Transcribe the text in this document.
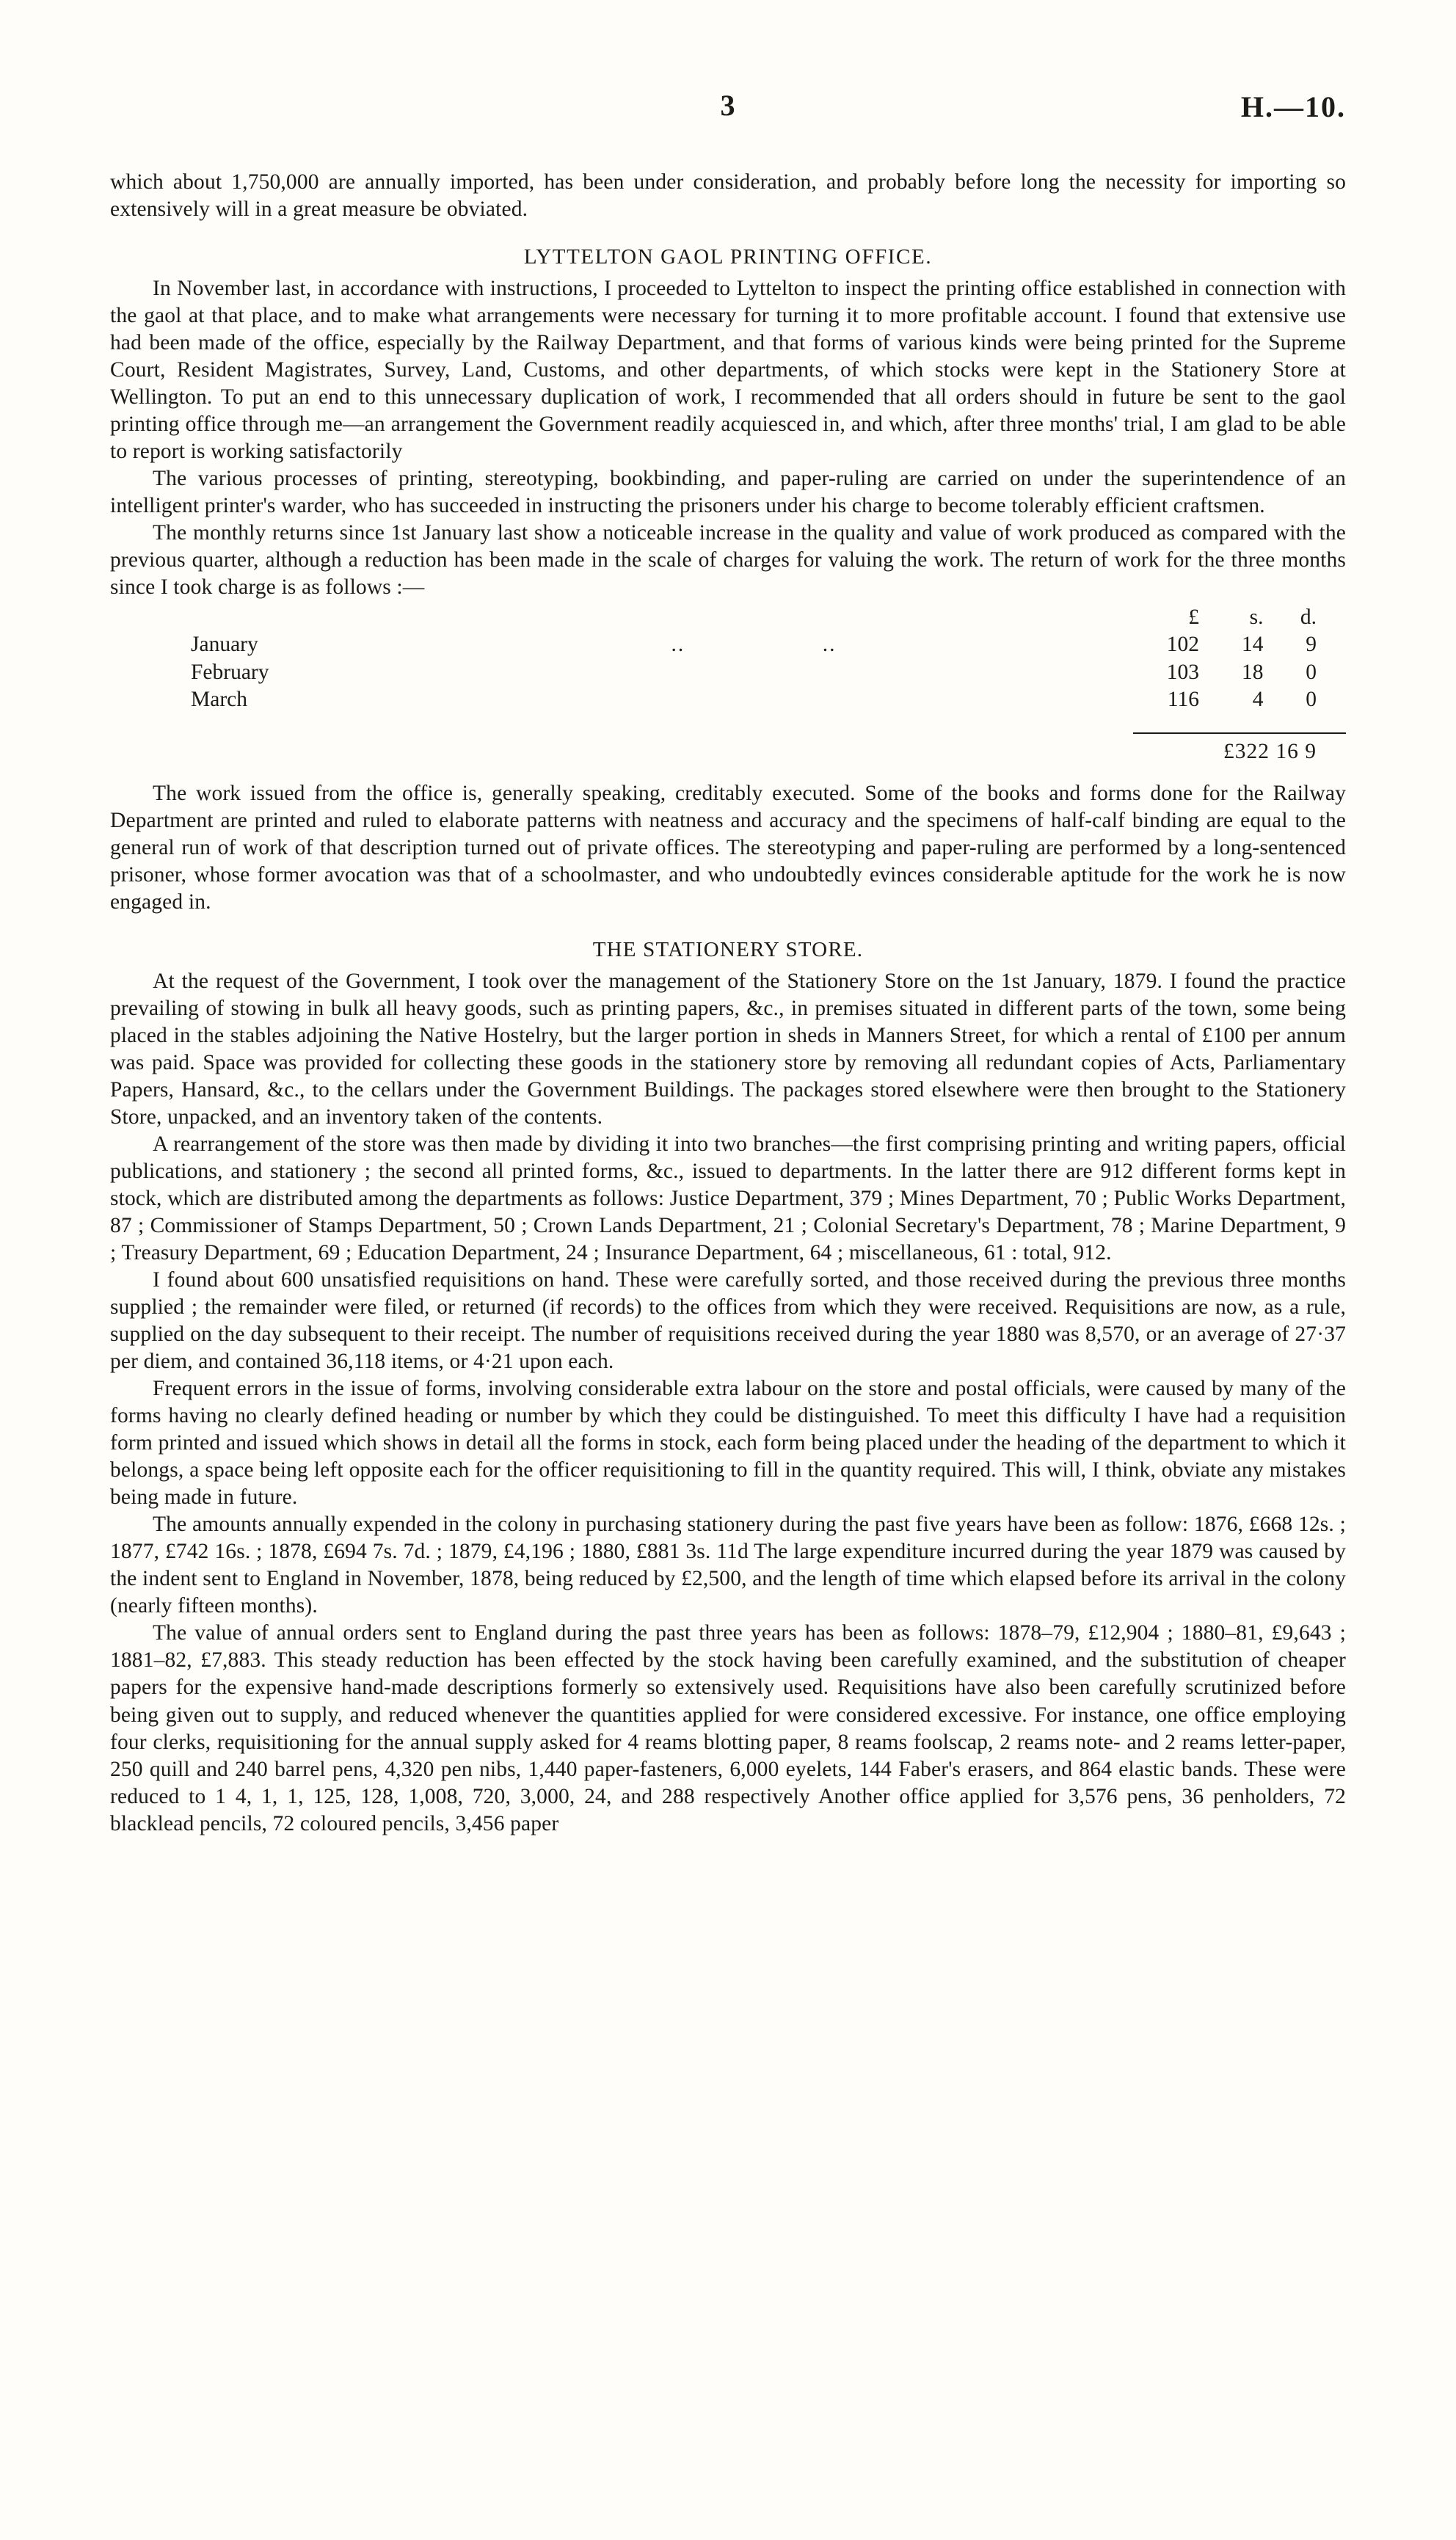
3	H.—10.

which about 1,750,000 are annually imported, has been under consideration, and probably before long the necessity for importing so extensively will in a great measure be obviated.

LYTTELTON GAOL PRINTING OFFICE.

In November last, in accordance with instructions, I proceeded to Lyttelton to inspect the printing office established in connection with the gaol at that place, and to make what arrangements were necessary for turning it to more profitable account. I found that extensive use had been made of the office, especially by the Railway Department, and that forms of various kinds were being printed for the Supreme Court, Resident Magistrates, Survey, Land, Customs, and other departments, of which stocks were kept in the Stationery Store at Wellington. To put an end to this unnecessary duplication of work, I recommended that all orders should in future be sent to the gaol printing office through me—an arrangement the Government readily acquiesced in, and which, after three months' trial, I am glad to be able to report is working satisfactorily

The various processes of printing, stereotyping, bookbinding, and paper-ruling are carried on under the superintendence of an intelligent printer's warder, who has succeeded in instructing the prisoners under his charge to become tolerably efficient craftsmen.

The monthly returns since 1st January last show a noticeable increase in the quality and value of work produced as compared with the previous quarter, although a reduction has been made in the scale of charges for valuing the work. The return of work for the three months since I took charge is as follows :—

£	s.	d.
January	..                    ..	102	14	9
February	103	18	0
March	116	4	0
£322 16 9

The work issued from the office is, generally speaking, creditably executed. Some of the books and forms done for the Railway Department are printed and ruled to elaborate patterns with neatness and accuracy and the specimens of half-calf binding are equal to the general run of work of that description turned out of private offices. The stereotyping and paper-ruling are performed by a long-sentenced prisoner, whose former avocation was that of a schoolmaster, and who undoubtedly evinces considerable aptitude for the work he is now engaged in.

THE STATIONERY STORE.

At the request of the Government, I took over the management of the Stationery Store on the 1st January, 1879. I found the practice prevailing of stowing in bulk all heavy goods, such as printing papers, &c., in premises situated in different parts of the town, some being placed in the stables adjoining the Native Hostelry, but the larger portion in sheds in Manners Street, for which a rental of £100 per annum was paid. Space was provided for collecting these goods in the stationery store by removing all redundant copies of Acts, Parliamentary Papers, Hansard, &c., to the cellars under the Government Buildings. The packages stored elsewhere were then brought to the Stationery Store, unpacked, and an inventory taken of the contents.

A rearrangement of the store was then made by dividing it into two branches—the first comprising printing and writing papers, official publications, and stationery ; the second all printed forms, &c., issued to departments. In the latter there are 912 different forms kept in stock, which are distributed among the departments as follows: Justice Department, 379 ; Mines Department, 70 ; Public Works Department, 87 ; Commissioner of Stamps Department, 50 ; Crown Lands Department, 21 ; Colonial Secretary's Department, 78 ; Marine Department, 9 ; Treasury Department, 69 ; Education Department, 24 ; Insurance Department, 64 ; miscellaneous, 61 : total, 912.

I found about 600 unsatisfied requisitions on hand. These were carefully sorted, and those received during the previous three months supplied ; the remainder were filed, or returned (if records) to the offices from which they were received. Requisitions are now, as a rule, supplied on the day subsequent to their receipt. The number of requisitions received during the year 1880 was 8,570, or an average of 27·37 per diem, and contained 36,118 items, or 4·21 upon each.

Frequent errors in the issue of forms, involving considerable extra labour on the store and postal officials, were caused by many of the forms having no clearly defined heading or number by which they could be distinguished. To meet this difficulty I have had a requisition form printed and issued which shows in detail all the forms in stock, each form being placed under the heading of the department to which it belongs, a space being left opposite each for the officer requisitioning to fill in the quantity required. This will, I think, obviate any mistakes being made in future.

The amounts annually expended in the colony in purchasing stationery during the past five years have been as follow: 1876, £668 12s. ; 1877, £742 16s. ; 1878, £694 7s. 7d. ; 1879, £4,196 ; 1880, £881 3s. 11d The large expenditure incurred during the year 1879 was caused by the indent sent to England in November, 1878, being reduced by £2,500, and the length of time which elapsed before its arrival in the colony (nearly fifteen months).

The value of annual orders sent to England during the past three years has been as follows: 1878–79, £12,904 ; 1880–81, £9,643 ; 1881–82, £7,883. This steady reduction has been effected by the stock having been carefully examined, and the substitution of cheaper papers for the expensive hand-made descriptions formerly so extensively used. Requisitions have also been carefully scrutinized before being given out to supply, and reduced whenever the quantities applied for were considered excessive. For instance, one office employing four clerks, requisitioning for the annual supply asked for 4 reams blotting paper, 8 reams foolscap, 2 reams note- and 2 reams letter-paper, 250 quill and 240 barrel pens, 4,320 pen nibs, 1,440 paper-fasteners, 6,000 eyelets, 144 Faber's erasers, and 864 elastic bands. These were reduced to 1 4, 1, 1, 125, 128, 1,008, 720, 3,000, 24, and 288 respectively Another office applied for 3,576 pens, 36 penholders, 72 blacklead pencils, 72 coloured pencils, 3,456 paper
